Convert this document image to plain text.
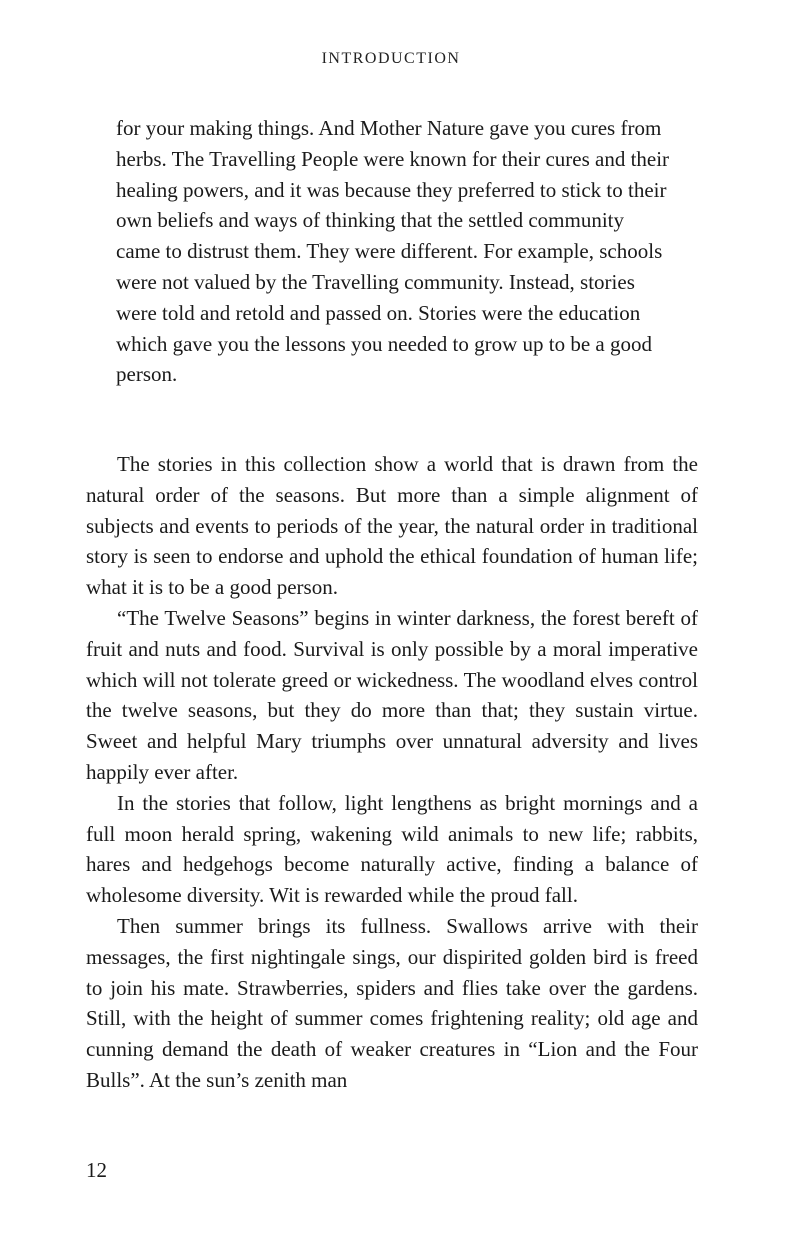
INTRODUCTION

for your making things. And Mother Nature gave you cures from herbs. The Travelling People were known for their cures and their healing powers, and it was because they preferred to stick to their own beliefs and ways of thinking that the settled community came to distrust them. They were different. For example, schools were not valued by the Travelling community. Instead, stories were told and retold and passed on. Stories were the education which gave you the lessons you needed to grow up to be a good person.

The stories in this collection show a world that is drawn from the natural order of the seasons. But more than a simple alignment of subjects and events to periods of the year, the natural order in traditional story is seen to endorse and uphold the ethical foundation of human life; what it is to be a good person.

“The Twelve Seasons” begins in winter darkness, the forest bereft of fruit and nuts and food. Survival is only possible by a moral imperative which will not tolerate greed or wickedness. The woodland elves control the twelve seasons, but they do more than that; they sustain virtue. Sweet and helpful Mary triumphs over unnatural adversity and lives happily ever after.

In the stories that follow, light lengthens as bright mornings and a full moon herald spring, wakening wild animals to new life; rabbits, hares and hedgehogs become naturally active, finding a balance of wholesome diversity. Wit is rewarded while the proud fall.

Then summer brings its fullness. Swallows arrive with their messages, the first nightingale sings, our dispirited golden bird is freed to join his mate. Strawberries, spiders and flies take over the gardens. Still, with the height of summer comes frightening reality; old age and cunning demand the death of weaker creatures in “Lion and the Four Bulls”. At the sun’s zenith man

12
